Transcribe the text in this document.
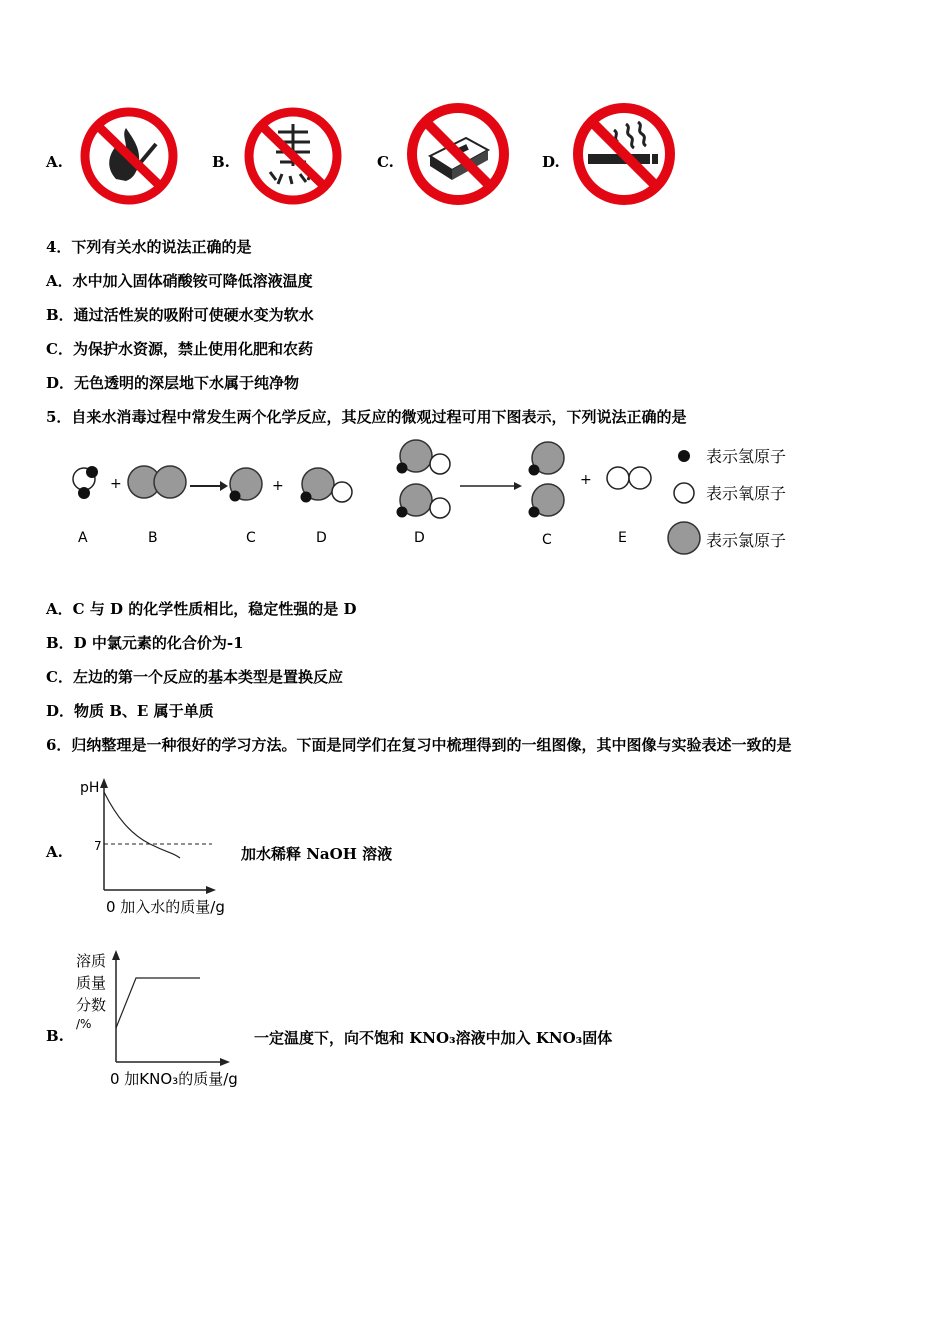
A.	B.	C.	D.
4．下列有关水的说法正确的是
A．水中加入固体硝酸铵可降低溶液温度
B．通过活性炭的吸附可使硬水变为软水
C．为保护水资源，禁止使用化肥和农药
D．无色透明的深层地下水属于纯净物
5．自来水消毒过程中常发生两个化学反应，其反应的微观过程可用下图表示，下列说法正确的是
+	+
A	B	C	D
+
D	C	E
表示氢原子
表示氧原子
表示氯原子
A．C 与 D 的化学性质相比，稳定性强的是 D
B．D 中氯元素的化合价为-1
C．左边的第一个反应的基本类型是置换反应
D．物质 B、E 属于单质
6．归纳整理是一种很好的学习方法。下面是同学们在复习中梳理得到的一组图像，其中图像与实验表述一致的是
A.
pH
7
0 加入水的质量/g
加水稀释 NaOH 溶液
B.
溶质
质量
分数
/%
0 加KNO₃的质量/g
一定温度下，向不饱和 KNO₃溶液中加入 KNO₃固体
